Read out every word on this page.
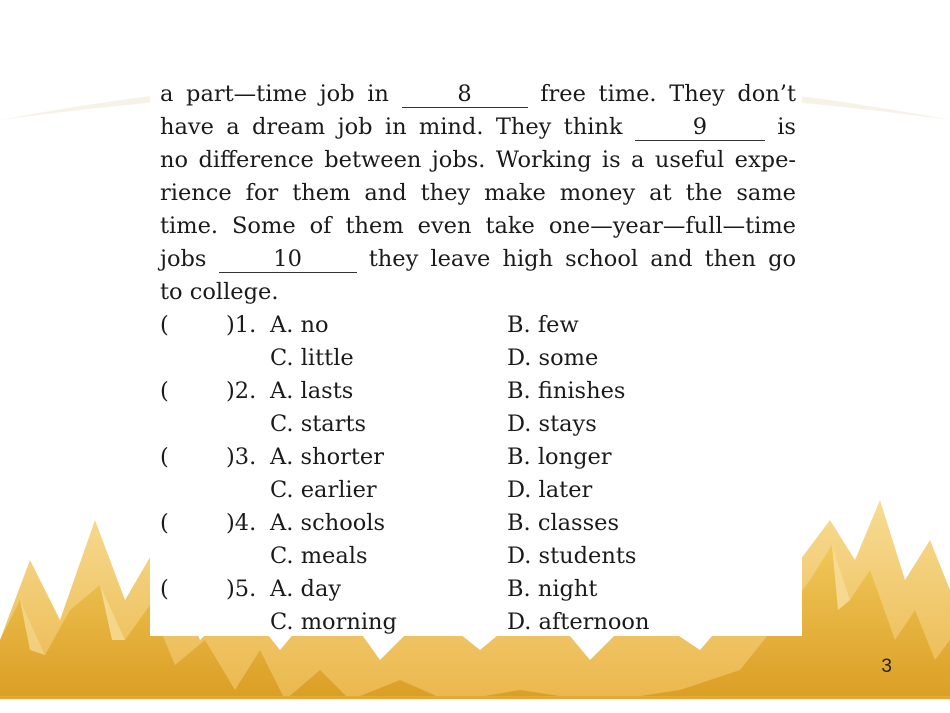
a part—time job in	8	free time. They don’t
have a dream job in mind. They think	9	is
no difference between jobs. Working is a useful expe-
rience for them and they make money at the same
time. Some of them even take one—year—full—time
jobs	10	they leave high school and then go
to college.
(	)1. A. no	B. few
C. little	D. some
(	)2. A. lasts	B. finishes
C. starts	D. stays
(	)3. A. shorter	B. longer
C. earlier	D. later
(	)4. A. schools	B. classes
C. meals	D. students
(	)5. A. day	B. night
C. morning	D. afternoon
3
